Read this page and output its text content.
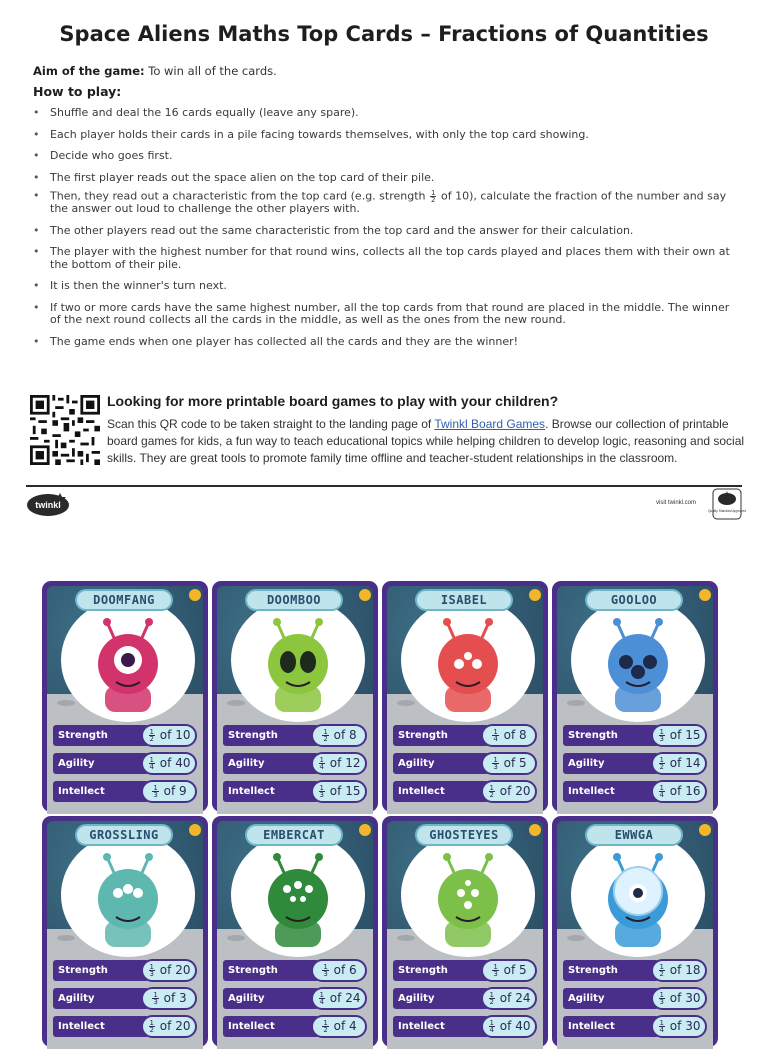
Space Aliens Maths Top Cards – Fractions of Quantities
Aim of the game: To win all of the cards.
How to play:
• Shuffle and deal the 16 cards equally (leave any spare).
• Each player holds their cards in a pile facing towards themselves, with only the top card showing.
• Decide who goes first.
• The first player reads out the space alien on the top card of their pile.
• Then, they read out a characteristic from the top card (e.g. strength $\frac{1}{2}$ of 10), calculate the fraction of the number and say the answer out loud to challenge the other players with.
• The other players read out the same characteristic from the top card and the answer for their calculation.
• The player with the highest number for that round wins, collects all the top cards played and places them with their own at the bottom of their pile.
• It is then the winner's turn next.
• If two or more cards have the same highest number, all the top cards from that round are placed in the middle. The winner of the next round collects all the cards in the middle, as well as the ones from the new round.
• The game ends when one player has collected all the cards and they are the winner!
Looking for more printable board games to play with your children?
Scan this QR code to be taken straight to the landing page of Twinkl Board Games. Browse our collection of printable board games for kids, a fun way to teach educational topics while helping children to develop logic, reasoning and social skills. They are great tools to promote family time offline and teacher-student relationships in the classroom.
twinkl	visit twinkl.com
Quality Standard Approved
DOOMFANG
Strength	$\frac{1}{2}$ of 10
Agility	$\frac{1}{4}$ of 40
Intellect	$\frac{1}{3}$ of 9
DOOMBOO
Strength	$\frac{1}{2}$ of 8
Agility	$\frac{1}{4}$ of 12
Intellect	$\frac{1}{3}$ of 15
ISABEL
Strength	$\frac{1}{4}$ of 8
Agility	$\frac{1}{3}$ of 5
Intellect	$\frac{1}{2}$ of 20
GOOLOO
Strength	$\frac{1}{3}$ of 15
Agility	$\frac{1}{2}$ of 14
Intellect	$\frac{1}{4}$ of 16
GROSSLING
Strength	$\frac{1}{3}$ of 20
Agility	$\frac{1}{3}$ of 3
Intellect	$\frac{1}{2}$ of 20
EMBERCAT
Strength	$\frac{1}{3}$ of 6
Agility	$\frac{1}{4}$ of 24
Intellect	$\frac{1}{2}$ of 4
GHOSTEYES
Strength	$\frac{1}{3}$ of 5
Agility	$\frac{1}{2}$ of 24
Intellect	$\frac{1}{4}$ of 40
EWWGA
Strength	$\frac{1}{2}$ of 18
Agility	$\frac{1}{3}$ of 30
Intellect	$\frac{1}{4}$ of 30
